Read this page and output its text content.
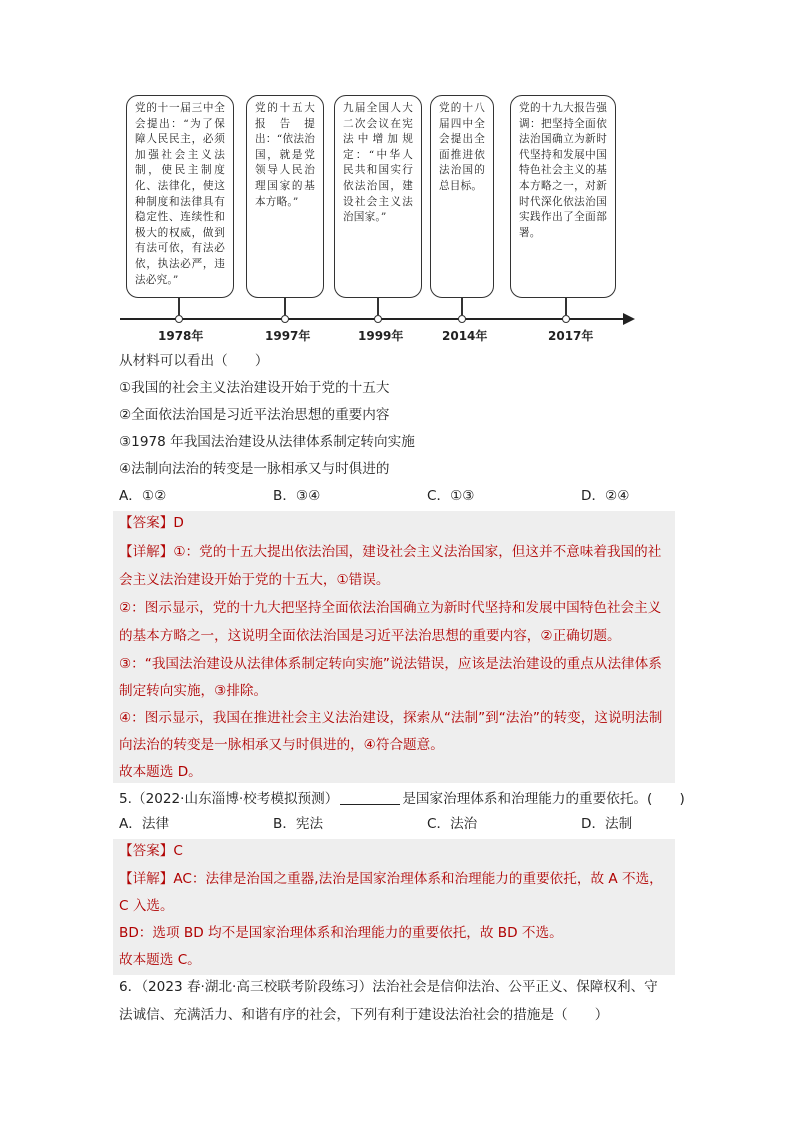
党的十一届三中全会提出：“为了保障人民民主，必须加强社会主义法制，使民主制度化、法律化，使这种制度和法律具有稳定性、连续性和极大的权威，做到有法可依，有法必依，执法必严，违法必究。”
党的十五大报告提出：“依法治国，就是党领导人民治理国家的基本方略。”
九届全国人大二次会议在宪法中增加规定：“中华人民共和国实行依法治国，建设社会主义法治国家。”
党的十八届四中全会提出全面推进依法治国的总目标。
党的十九大报告强调：把坚持全面依法治国确立为新时代坚持和发展中国特色社会主义的基本方略之一，对新时代深化依法治国实践作出了全面部署。
1978年	1997年	1999年	2014年	2017年
从材料可以看出（　　）
①我国的社会主义法治建设开始于党的十五大
②全面依法治国是习近平法治思想的重要内容
③1978 年我国法治建设从法律体系制定转向实施
④法制向法治的转变是一脉相承又与时俱进的
A．①②	B．③④	C．①③	D．②④
【答案】D
【详解】①：党的十五大提出依法治国，建设社会主义法治国家，但这并不意味着我国的社
会主义法治建设开始于党的十五大，①错误。
②：图示显示，党的十九大把坚持全面依法治国确立为新时代坚持和发展中国特色社会主义
的基本方略之一，这说明全面依法治国是习近平法治思想的重要内容，②正确切题。
③：“我国法治建设从法律体系制定转向实施”说法错误，应该是法治建设的重点从法律体系
制定转向实施，③排除。
④：图示显示，我国在推进社会主义法治建设，探索从“法制”到“法治”的转变，这说明法制
向法治的转变是一脉相承又与时俱进的，④符合题意。
故本题选 D。
5.（2022·山东淄博·校考模拟预测）	是国家治理体系和治理能力的重要依托。(　　)
A．法律	B．宪法	C．法治	D．法制
【答案】C
【详解】AC：法律是治国之重器,法治是国家治理体系和治理能力的重要依托，故 A 不选，
C 入选。
BD：选项 BD 均不是国家治理体系和治理能力的重要依托，故 BD 不选。
故本题选 C。
6．（2023 春·湖北·高三校联考阶段练习）法治社会是信仰法治、公平正义、保障权利、守
法诚信、充满活力、和谐有序的社会，下列有利于建设法治社会的措施是（　　）
